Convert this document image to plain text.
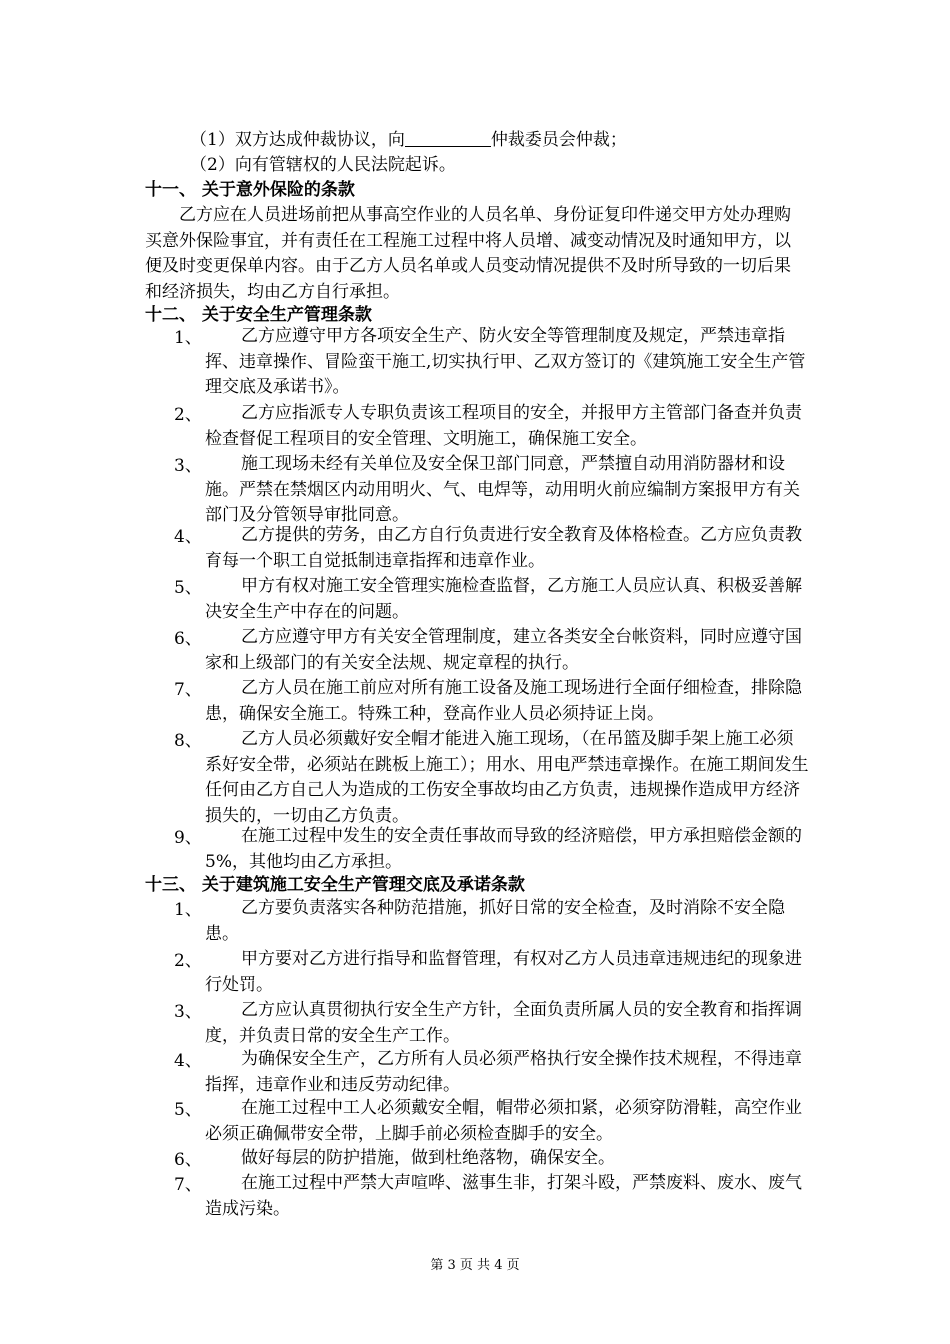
（1）双方达成仲裁协议，向	仲裁委员会仲裁；
（2）向有管辖权的人民法院起诉。
十一、 关于意外保险的条款
乙方应在人员进场前把从事高空作业的人员名单、身份证复印件递交甲方处办理购买意外保险事宜，并有责任在工程施工过程中将人员增、减变动情况及时通知甲方，以便及时变更保单内容。由于乙方人员名单或人员变动情况提供不及时所导致的一切后果和经济损失，均由乙方自行承担。
十二、 关于安全生产管理条款
1、	乙方应遵守甲方各项安全生产、防火安全等管理制度及规定，严禁违章指挥、违章操作、冒险蛮干施工,切实执行甲、乙双方签订的《建筑施工安全生产管理交底及承诺书》。
2、	乙方应指派专人专职负责该工程项目的安全，并报甲方主管部门备查并负责检查督促工程项目的安全管理、文明施工，确保施工安全。
3、	施工现场未经有关单位及安全保卫部门同意，严禁擅自动用消防器材和设施。严禁在禁烟区内动用明火、气、电焊等，动用明火前应编制方案报甲方有关部门及分管领导审批同意。
4、	乙方提供的劳务，由乙方自行负责进行安全教育及体格检查。乙方应负责教育每一个职工自觉抵制违章指挥和违章作业。
5、	甲方有权对施工安全管理实施检查监督，乙方施工人员应认真、积极妥善解决安全生产中存在的问题。
6、	乙方应遵守甲方有关安全管理制度，建立各类安全台帐资料，同时应遵守国家和上级部门的有关安全法规、规定章程的执行。
7、	乙方人员在施工前应对所有施工设备及施工现场进行全面仔细检查，排除隐患，确保安全施工。特殊工种，登高作业人员必须持证上岗。
8、	乙方人员必须戴好安全帽才能进入施工现场，（在吊篮及脚手架上施工必须系好安全带，必须站在跳板上施工）；用水、用电严禁违章操作。在施工期间发生任何由乙方自己人为造成的工伤安全事故均由乙方负责，违规操作造成甲方经济损失的，一切由乙方负责。
9、	在施工过程中发生的安全责任事故而导致的经济赔偿，甲方承担赔偿金额的5%，其他均由乙方承担。
十三、 关于建筑施工安全生产管理交底及承诺条款
1、	乙方要负责落实各种防范措施，抓好日常的安全检查，及时消除不安全隐患。
2、	甲方要对乙方进行指导和监督管理，有权对乙方人员违章违规违纪的现象进行处罚。
3、	乙方应认真贯彻执行安全生产方针，全面负责所属人员的安全教育和指挥调度，并负责日常的安全生产工作。
4、	为确保安全生产，乙方所有人员必须严格执行安全操作技术规程，不得违章指挥，违章作业和违反劳动纪律。
5、	在施工过程中工人必须戴安全帽，帽带必须扣紧，必须穿防滑鞋，高空作业必须正确佩带安全带，上脚手前必须检查脚手的安全。
6、	做好每层的防护措施，做到杜绝落物，确保安全。
7、	在施工过程中严禁大声喧哗、滋事生非，打架斗殴，严禁废料、废水、废气造成污染。
第 3 页 共 4 页
